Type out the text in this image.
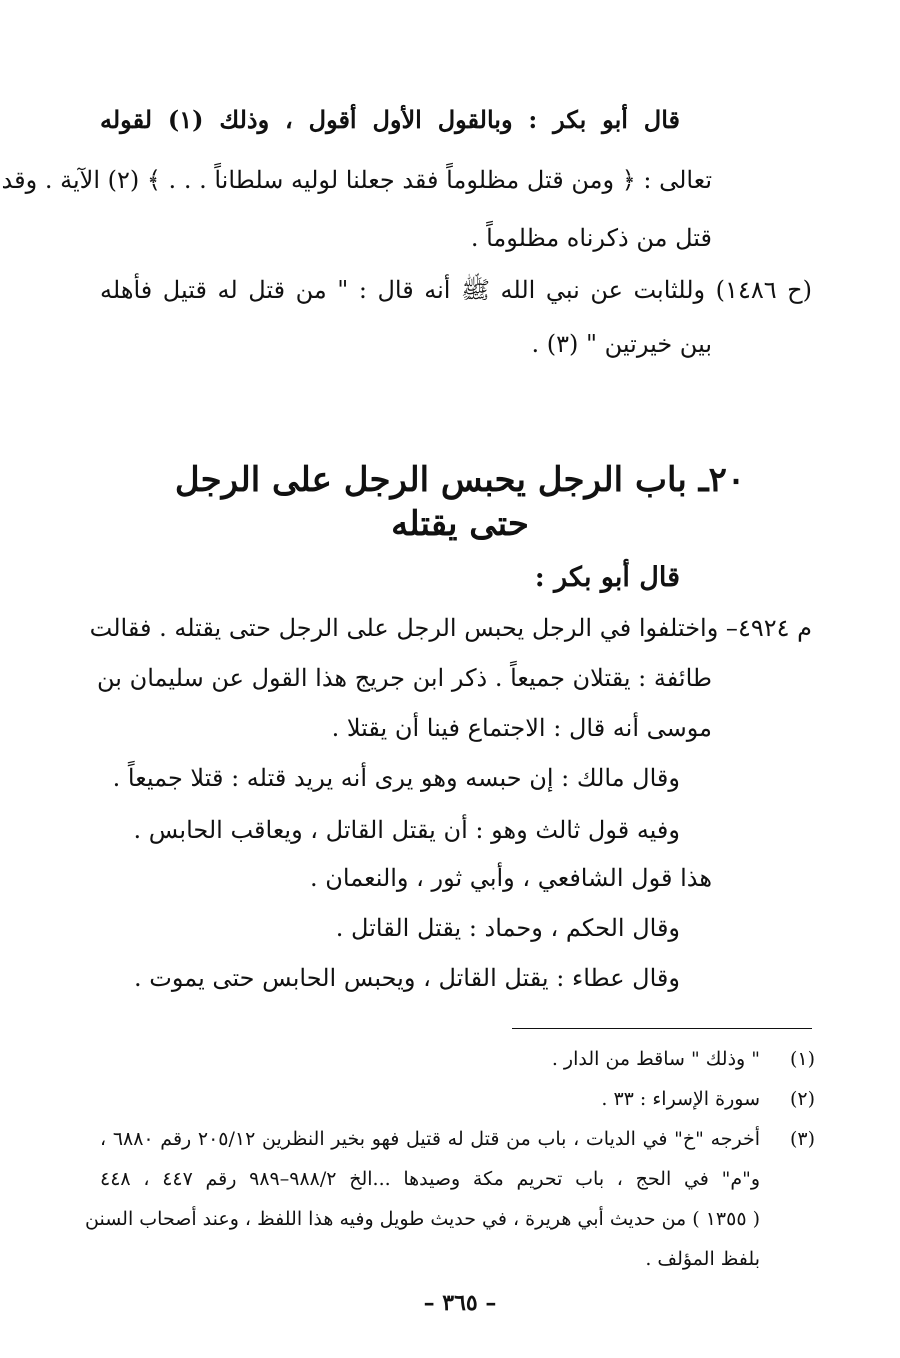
قال أبو بكر : وبالقول الأول أقول ، وذلك (١) لقوله
تعالى : ﴿ ومن قتل مظلوماً فقد جعلنا لوليه سلطاناً . . . ﴾ (٢) الآية . وقد
قتل من ذكرناه مظلوماً .
(ح ١٤٨٦) وللثابت عن نبي الله ﷺ أنه قال : " من قتل له قتيل فأهله
بين خيرتين " (٣) .
٢٠ـ باب الرجل يحبس الرجل على الرجل حتى يقتله
قال أبو بكر :
م ٤٩٢٤– واختلفوا في الرجل يحبس الرجل على الرجل حتى يقتله . فقالت
طائفة : يقتلان جميعاً . ذكر ابن جريج هذا القول عن سليمان بن
موسى أنه قال : الاجتماع فينا أن يقتلا .
وقال مالك : إن حبسه وهو يرى أنه يريد قتله : قتلا جميعاً .
وفيه قول ثالث وهو : أن يقتل القاتل ، ويعاقب الحابس .
هذا قول الشافعي ، وأبي ثور ، والنعمان .
وقال الحكم ، وحماد : يقتل القاتل .
وقال عطاء : يقتل القاتل ، ويحبس الحابس حتى يموت .
(١)
" وذلك " ساقط من الدار .
(٢)
سورة الإسراء : ٣٣ .
(٣)
أخرجه "خ" في الديات ، باب من قتل له قتيل فهو بخير النظرين ٢٠٥/١٢ رقم ٦٨٨٠ ،
و"م" في الحج ، باب تحريم مكة وصيدها ...الخ ٩٨٨/٢–٩٨٩ رقم ٤٤٧ ، ٤٤٨
( ١٣٥٥ ) من حديث أبي هريرة ، في حديث طويل وفيه هذا اللفظ ، وعند أصحاب السنن
بلفظ المؤلف .
– ٣٦٥ –
